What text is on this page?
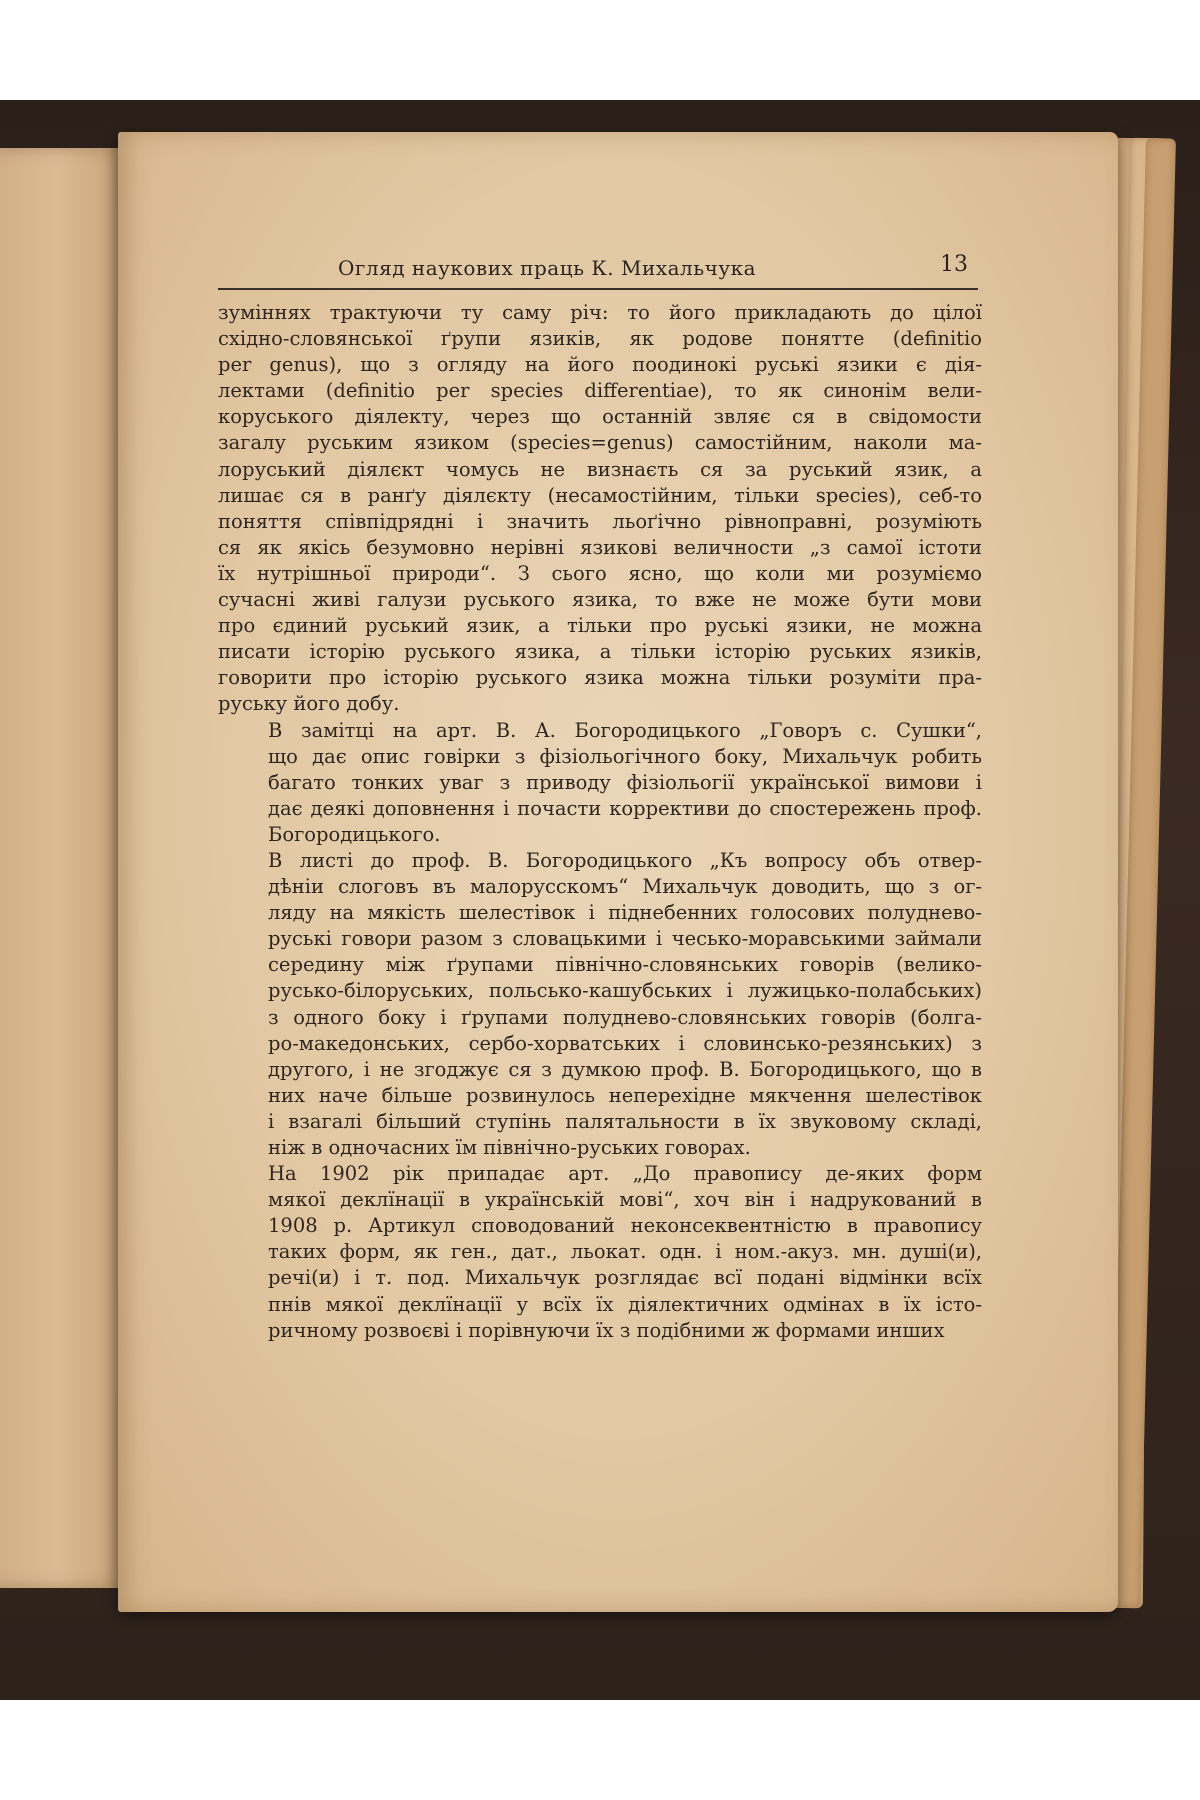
Огляд наукових праць К. Михальчука	13

зуміннях трактуючи ту саму річ: то його прикладають до цілої
східно-словянської ґрупи язиків, як родове понятте (definitio
per genus), що з огляду на його поодинокі руські язики є дія-
лектами (definitio per species differentiae), то як синонім вели-
коруського діялекту, через що останній звляє ся в свідомости
загалу руським язиком (species=genus) самостійним, наколи ма-
лоруський діялєкт чомусь не визнаєть ся за руський язик, а
лишає ся в ранґу діялєкту (несамостійним, тільки species), себ-то
поняття співпідрядні і значить льоґічно рівноправні, розуміють
ся як якісь безумовно нерівні язикові величности „з самої істоти
їх нутрішньої природи“. З сього ясно, що коли ми розуміємо
сучасні живі галузи руського язика, то вже не може бути мови
про єдиний руський язик, а тільки про руські язики, не можна
писати історію руського язика, а тільки історію руських язиків,
говорити про історію руського язика можна тільки розуміти пра-
руську його добу.

В замітці на арт. В. А. Богородицького „Говоръ с. Сушки“,
що дає опис говірки з фізіольогічного боку, Михальчук робить
багато тонких уваг з приводу фізіольогії української вимови і
дає деякі доповнення і почасти коррективи до спостережень проф.
Богородицького.

В листі до проф. В. Богородицького „Къ вопросу объ отвер-
дѣніи слоговъ въ малорусскомъ“ Михальчук доводить, що з ог-
ляду на мякість шелестівок і піднебенних голосових полудневo-
руські говори разом з словацькими і чесько-моравськими займали
середину між ґрупами північно-словянських говорів (велико-
русько-білоруських, польсько-кашубських і лужицько-полабських)
з одного боку і ґрупами полудневo-словянських говорів (болга-
ро-македонських, сербо-хорватських і словинсько-резянських) з
другого, і не згоджує ся з думкою проф. В. Богородицького, що в
них наче більше розвинулось неперехідне мякчення шелестівок
і взагалі більший ступінь палятальности в їх звуковому складі,
ніж в одночасних їм північно-руських говорах.

На 1902 рік припадає арт. „До правопису де-яких форм
мякої деклїнації в українській мові“, хоч він і надрукований в
1908 р. Артикул споводований неконсеквентністю в правопису
таких форм, як ген., дат., льокат. одн. і ном.-акуз. мн. душі(и),
речі(и) і т. под. Михальчук розглядає всї подані відмінки всїх
пнів мякої деклїнації у всїх їх діялектичних одмінах в їх істо-
ричному розвоєві і порівнуючи їх з подібними ж формами инших
